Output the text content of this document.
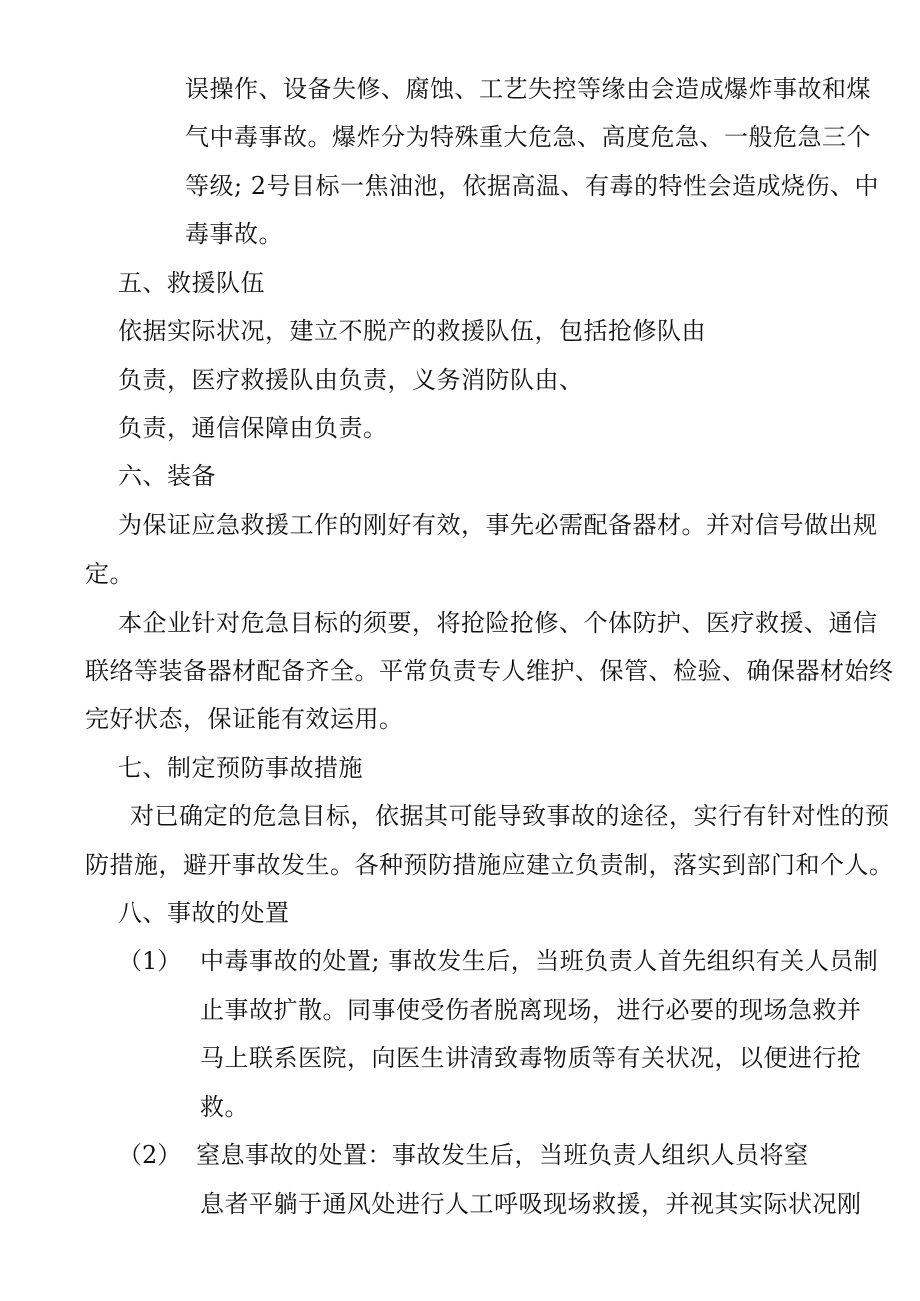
误操作、设备失修、腐蚀、工艺失控等缘由会造成爆炸事故和煤
气中毒事故。爆炸分为特殊重大危急、高度危急、一般危急三个
等级; 2号目标一焦油池，依据高温、有毒的特性会造成烧伤、中
毒事故。
五、救援队伍
依据实际状况，建立不脱产的救援队伍，包括抢修队由
负责，医疗救援队由负责，义务消防队由、
负责，通信保障由负责。
六、装备
为保证应急救援工作的刚好有效，事先必需配备器材。并对信号做出规
定。
本企业针对危急目标的须要，将抢险抢修、个体防护、医疗救援、通信
联络等装备器材配备齐全。平常负责专人维护、保管、检验、确保器材始终
完好状态，保证能有效运用。
七、制定预防事故措施
对已确定的危急目标，依据其可能导致事故的途径，实行有针对性的预
防措施，避开事故发生。各种预防措施应建立负责制，落实到部门和个人。
八、事故的处置
（1） 中毒事故的处置; 事故发生后，当班负责人首先组织有关人员制
止事故扩散。同事使受伤者脱离现场，进行必要的现场急救并
马上联系医院，向医生讲清致毒物质等有关状况，以便进行抢
救。
（2） 窒息事故的处置：事故发生后，当班负责人组织人员将窒
息者平躺于通风处进行人工呼吸现场救援，并视其实际状况刚
